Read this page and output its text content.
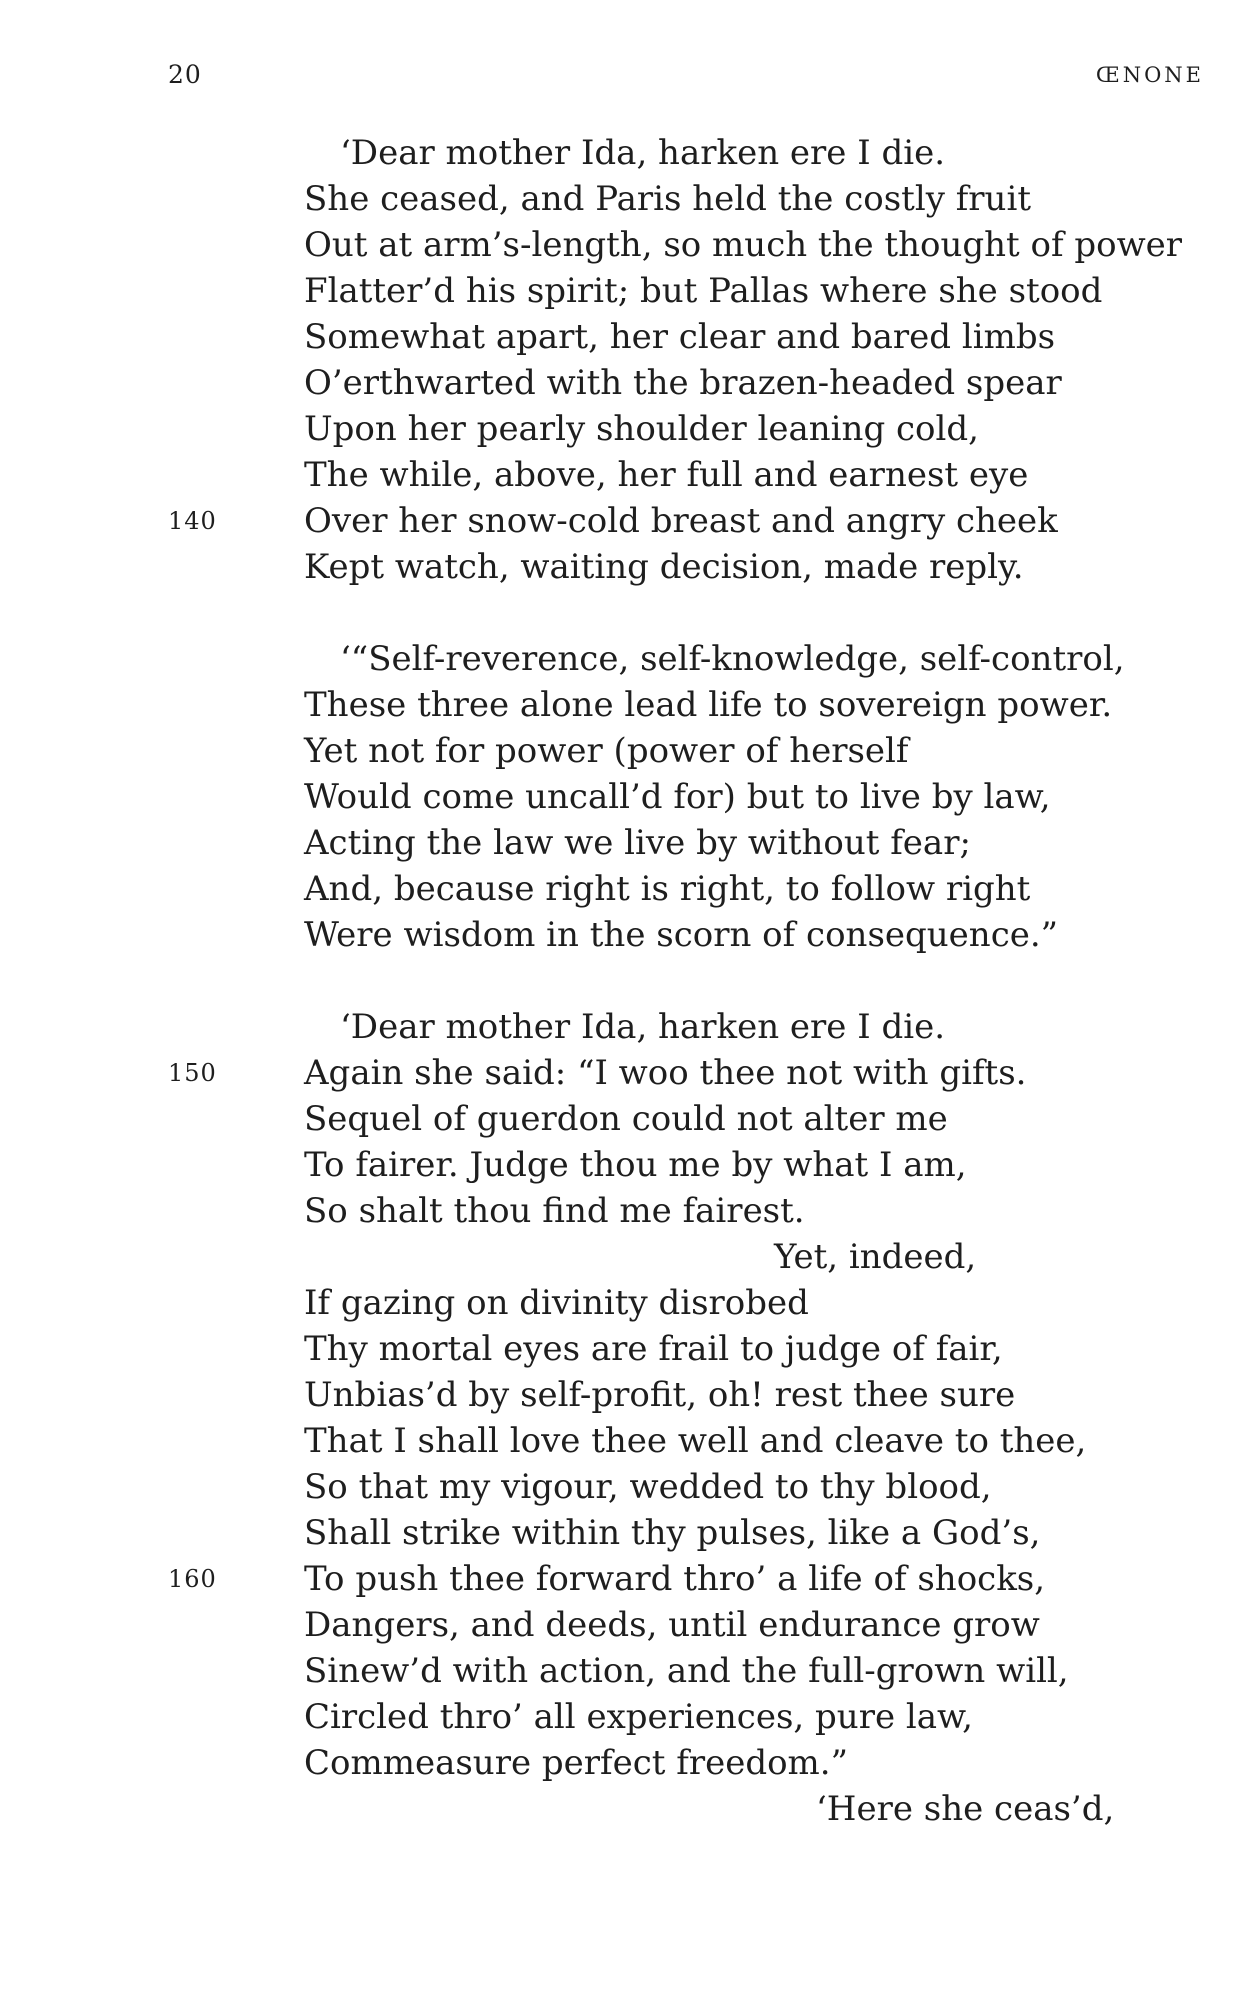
20	ŒNONE
‘Dear mother Ida, harken ere I die.
She ceased, and Paris held the costly fruit
Out at arm’s-length, so much the thought of power
Flatter’d his spirit; but Pallas where she stood
Somewhat apart, her clear and bared limbs
O’erthwarted with the brazen-headed spear
Upon her pearly shoulder leaning cold,
The while, above, her full and earnest eye
Over her snow-cold breast and angry cheek
140
Kept watch, waiting decision, made reply.
‘“Self-reverence, self-knowledge, self-control,
These three alone lead life to sovereign power.
Yet not for power (power of herself
Would come uncall’d for) but to live by law,
Acting the law we live by without fear;
And, because right is right, to follow right
Were wisdom in the scorn of consequence.”
‘Dear mother Ida, harken ere I die.
Again she said: “I woo thee not with gifts.
150
Sequel of guerdon could not alter me
To fairer. Judge thou me by what I am,
So shalt thou find me fairest.
Yet, indeed,
If gazing on divinity disrobed
Thy mortal eyes are frail to judge of fair,
Unbias’d by self-profit, oh! rest thee sure
That I shall love thee well and cleave to thee,
So that my vigour, wedded to thy blood,
Shall strike within thy pulses, like a God’s,
To push thee forward thro’ a life of shocks,
160
Dangers, and deeds, until endurance grow
Sinew’d with action, and the full-grown will,
Circled thro’ all experiences, pure law,
Commeasure perfect freedom.”
‘Here she ceas’d,
